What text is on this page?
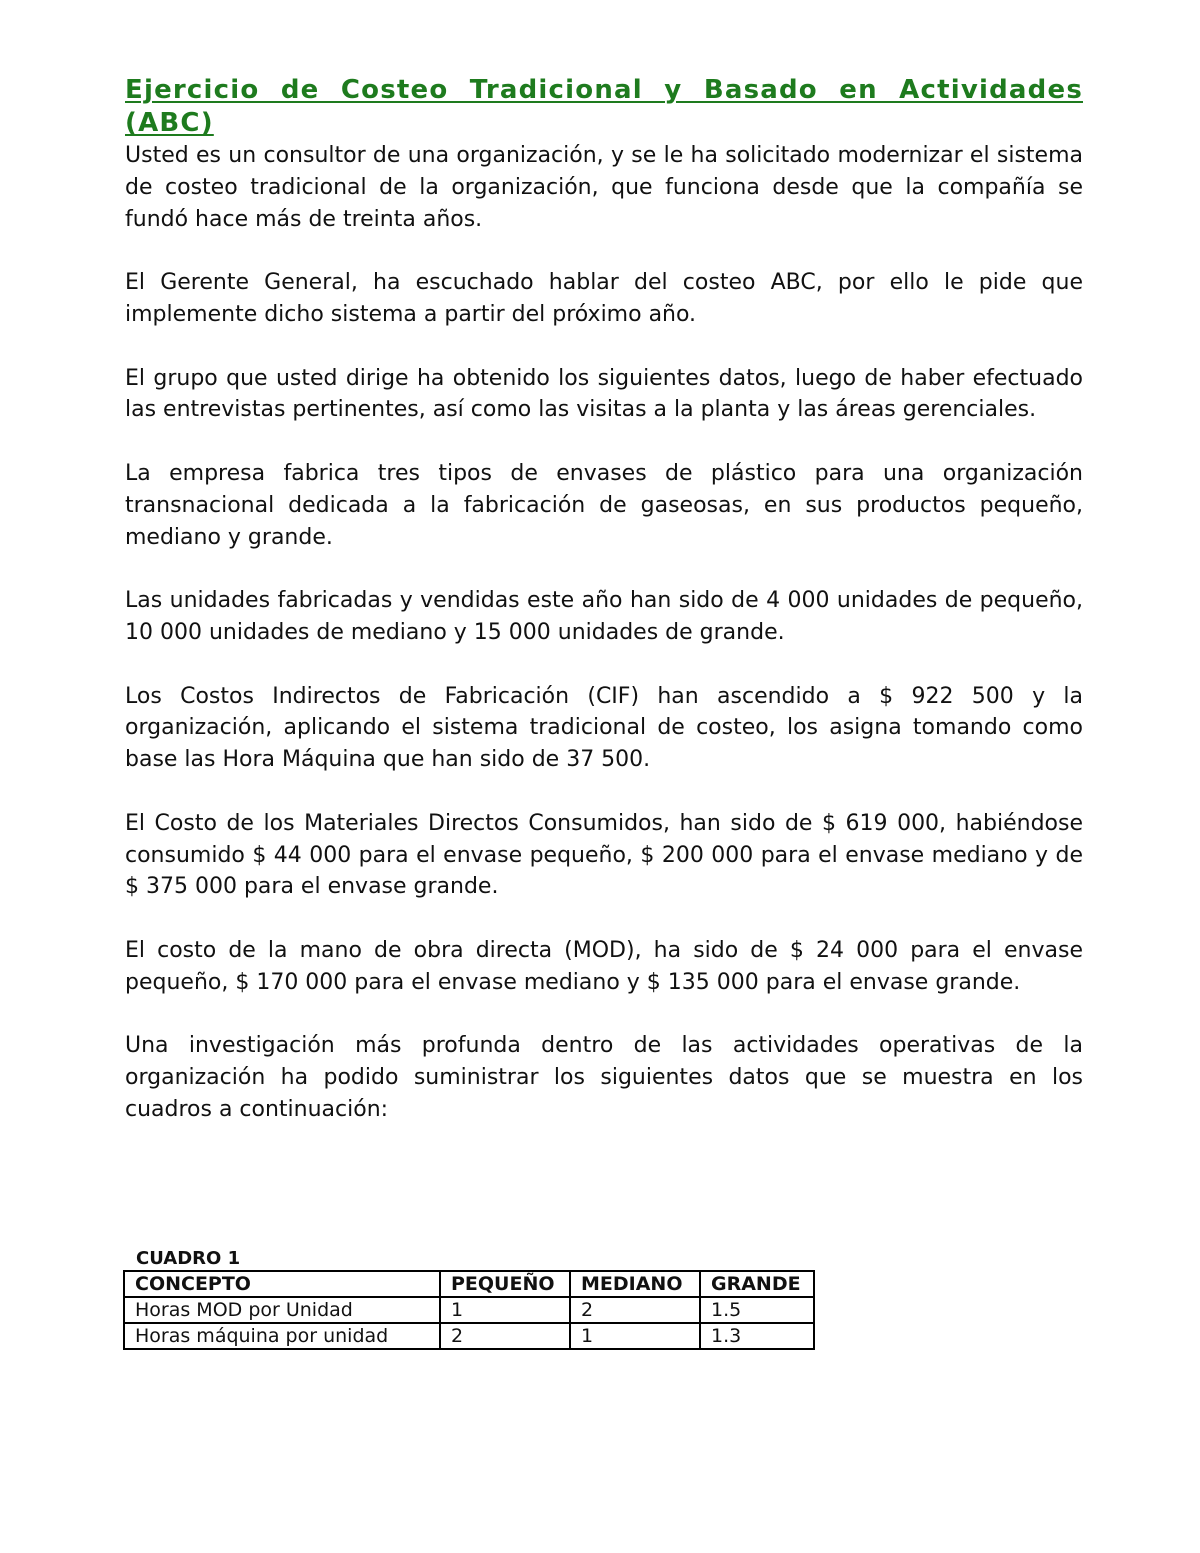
Ejercicio de Costeo Tradicional y Basado en Actividades (ABC)

Usted es un consultor de una organización, y se le ha solicitado modernizar el sistema de costeo tradicional de la organización, que funciona desde que la compañía se fundó hace más de treinta años.

El Gerente General, ha escuchado hablar del costeo ABC, por ello le pide que implemente dicho sistema a partir del próximo año.

El grupo que usted dirige ha obtenido los siguientes datos, luego de haber efectuado las entrevistas pertinentes, así como las visitas a la planta y las áreas gerenciales.

La empresa fabrica tres tipos de envases de plástico para una organización transnacional dedicada a la fabricación de gaseosas, en sus productos pequeño, mediano y grande.

Las unidades fabricadas y vendidas este año han sido de 4 000 unidades de pequeño, 10 000 unidades de mediano y 15 000 unidades de grande.

Los Costos Indirectos de Fabricación (CIF) han ascendido a $ 922 500 y la organización, aplicando el sistema tradicional de costeo, los asigna tomando como base las Hora Máquina que han sido de 37 500.

El Costo de los Materiales Directos Consumidos, han sido de $ 619 000, habiéndose consumido $ 44 000 para el envase pequeño, $ 200 000 para el envase mediano y de $ 375 000 para el envase grande.

El costo de la mano de obra directa (MOD), ha sido de $ 24 000 para el envase pequeño, $ 170 000 para el envase mediano y $ 135 000 para el envase grande.

Una investigación más profunda dentro de las actividades operativas de la organización ha podido suministrar los siguientes datos que se muestra en los cuadros a continuación:

CUADRO 1

CONCEPTO	PEQUEÑO	MEDIANO	GRANDE
Horas MOD por Unidad	1	2	1.5
Horas máquina por unidad	2	1	1.3
